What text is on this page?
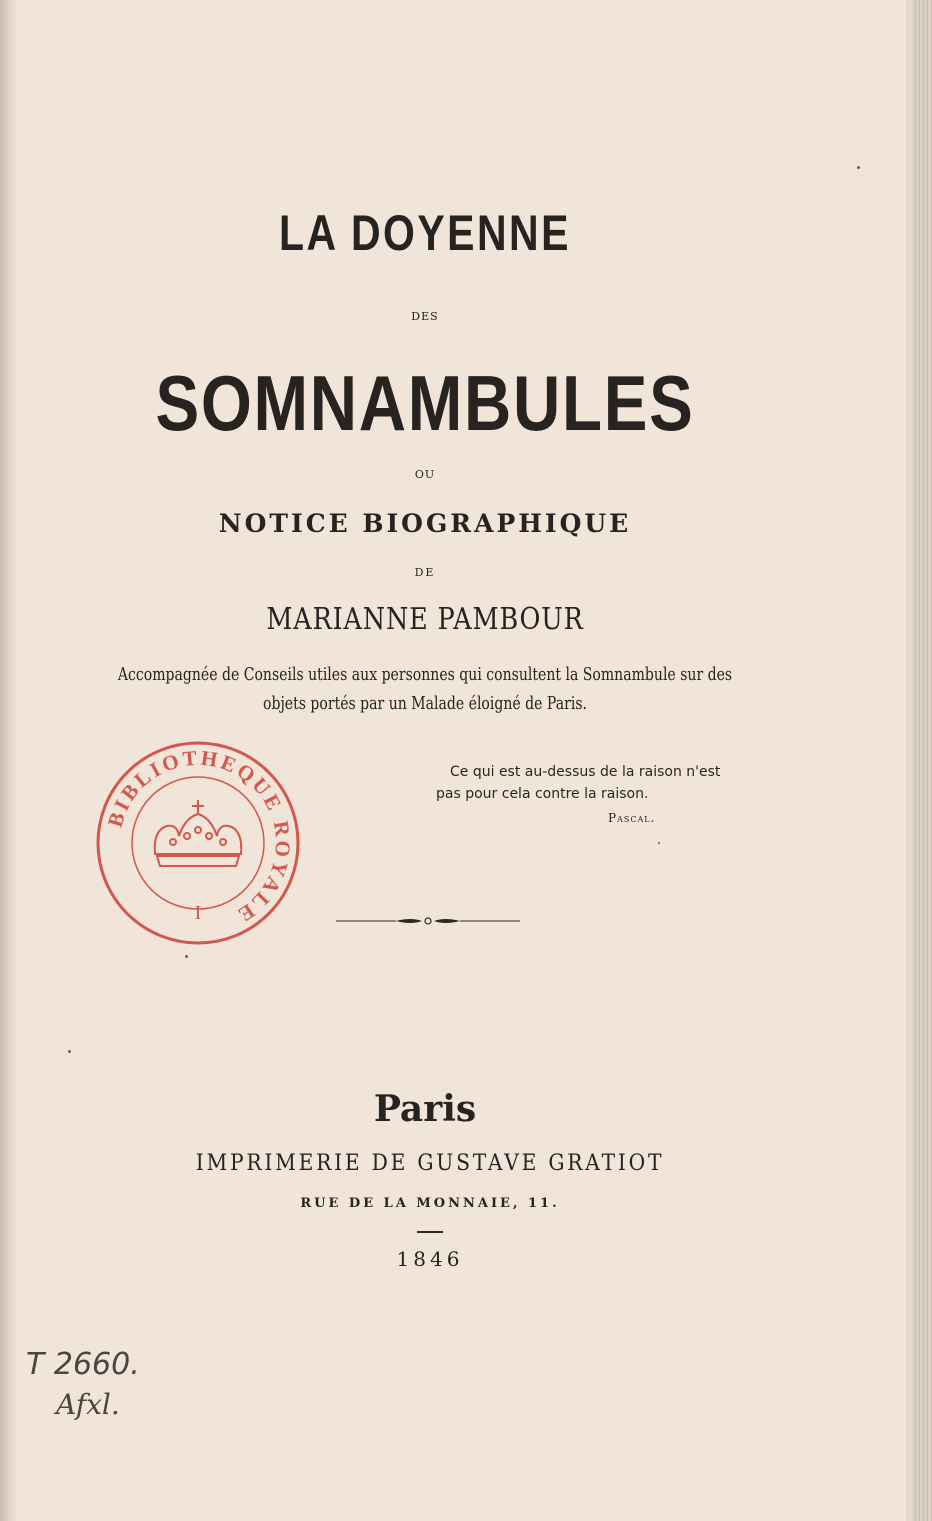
LA DOYENNE
DES
SOMNAMBULES
OU
NOTICE BIOGRAPHIQUE
DE
MARIANNE PAMBOUR
Accompagnée de Conseils utiles aux personnes qui consultent la Somnambule sur des
objets portés par un Malade éloigné de Paris.
BIBLIOTHEQUE ROYALE
I
Ce qui est au-dessus de la raison n'est pas pour cela contre la raison.
Pascal.
Paris
IMPRIMERIE DE GUSTAVE GRATIOT
RUE DE LA MONNAIE, 11.
1846
T 2660.
Afxl.
